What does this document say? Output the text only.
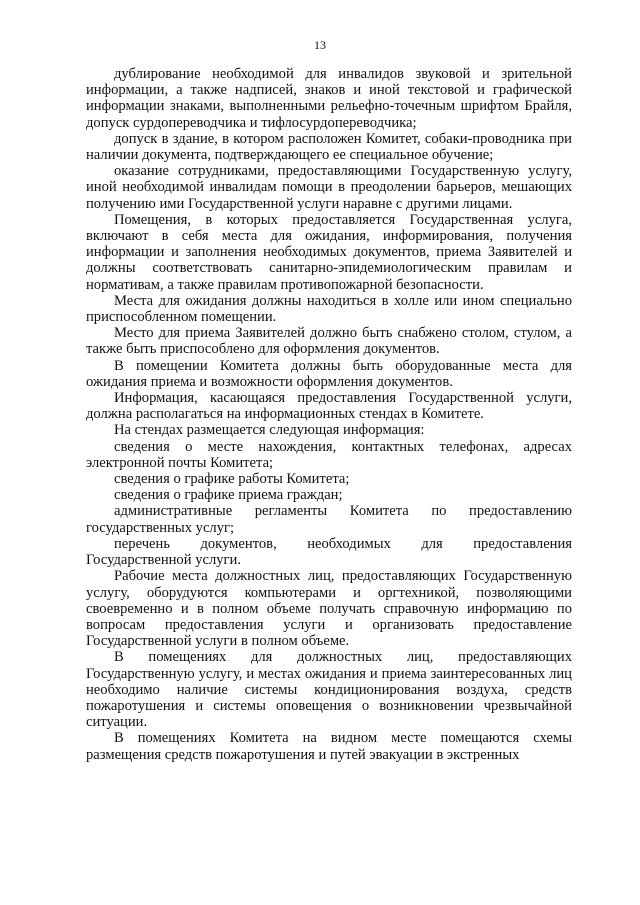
13

дублирование необходимой для инвалидов звуковой и зрительной информации, а также надписей, знаков и иной текстовой и графической информации знаками, выполненными рельефно-точечным шрифтом Брайля, допуск сурдопереводчика и тифлосурдопереводчика;

допуск в здание, в котором расположен Комитет, собаки-проводника при наличии документа, подтверждающего ее специальное обучение;

оказание сотрудниками, предоставляющими Государственную услугу, иной необходимой инвалидам помощи в преодолении барьеров, мешающих получению ими Государственной услуги наравне с другими лицами.

Помещения, в которых предоставляется Государственная услуга, включают в себя места для ожидания, информирования, получения информации и заполнения необходимых документов, приема Заявителей и должны соответствовать санитарно-эпидемиологическим правилам и нормативам, а также правилам противопожарной безопасности.

Места для ожидания должны находиться в холле или ином специально приспособленном помещении.

Место для приема Заявителей должно быть снабжено столом, стулом, а также быть приспособлено для оформления документов.

В помещении Комитета должны быть оборудованные места для ожидания приема и возможности оформления документов.

Информация, касающаяся предоставления Государственной услуги, должна располагаться на информационных стендах в Комитете.

На стендах размещается следующая информация:

сведения о месте нахождения, контактных телефонах, адресах электронной почты Комитета;

сведения о графике работы Комитета;

сведения о графике приема граждан;

административные регламенты Комитета по предоставлению государственных услуг;

перечень документов, необходимых для предоставления Государственной услуги.

Рабочие места должностных лиц, предоставляющих Государственную услугу, оборудуются компьютерами и оргтехникой, позволяющими своевременно и в полном объеме получать справочную информацию по вопросам предоставления услуги и организовать предоставление Государственной услуги в полном объеме.

В помещениях для должностных лиц, предоставляющих Государственную услугу, и местах ожидания и приема заинтересованных лиц необходимо наличие системы кондиционирования воздуха, средств пожаротушения и системы оповещения о возникновении чрезвычайной ситуации.

В помещениях Комитета на видном месте помещаются схемы размещения средств пожаротушения и путей эвакуации в экстренных
